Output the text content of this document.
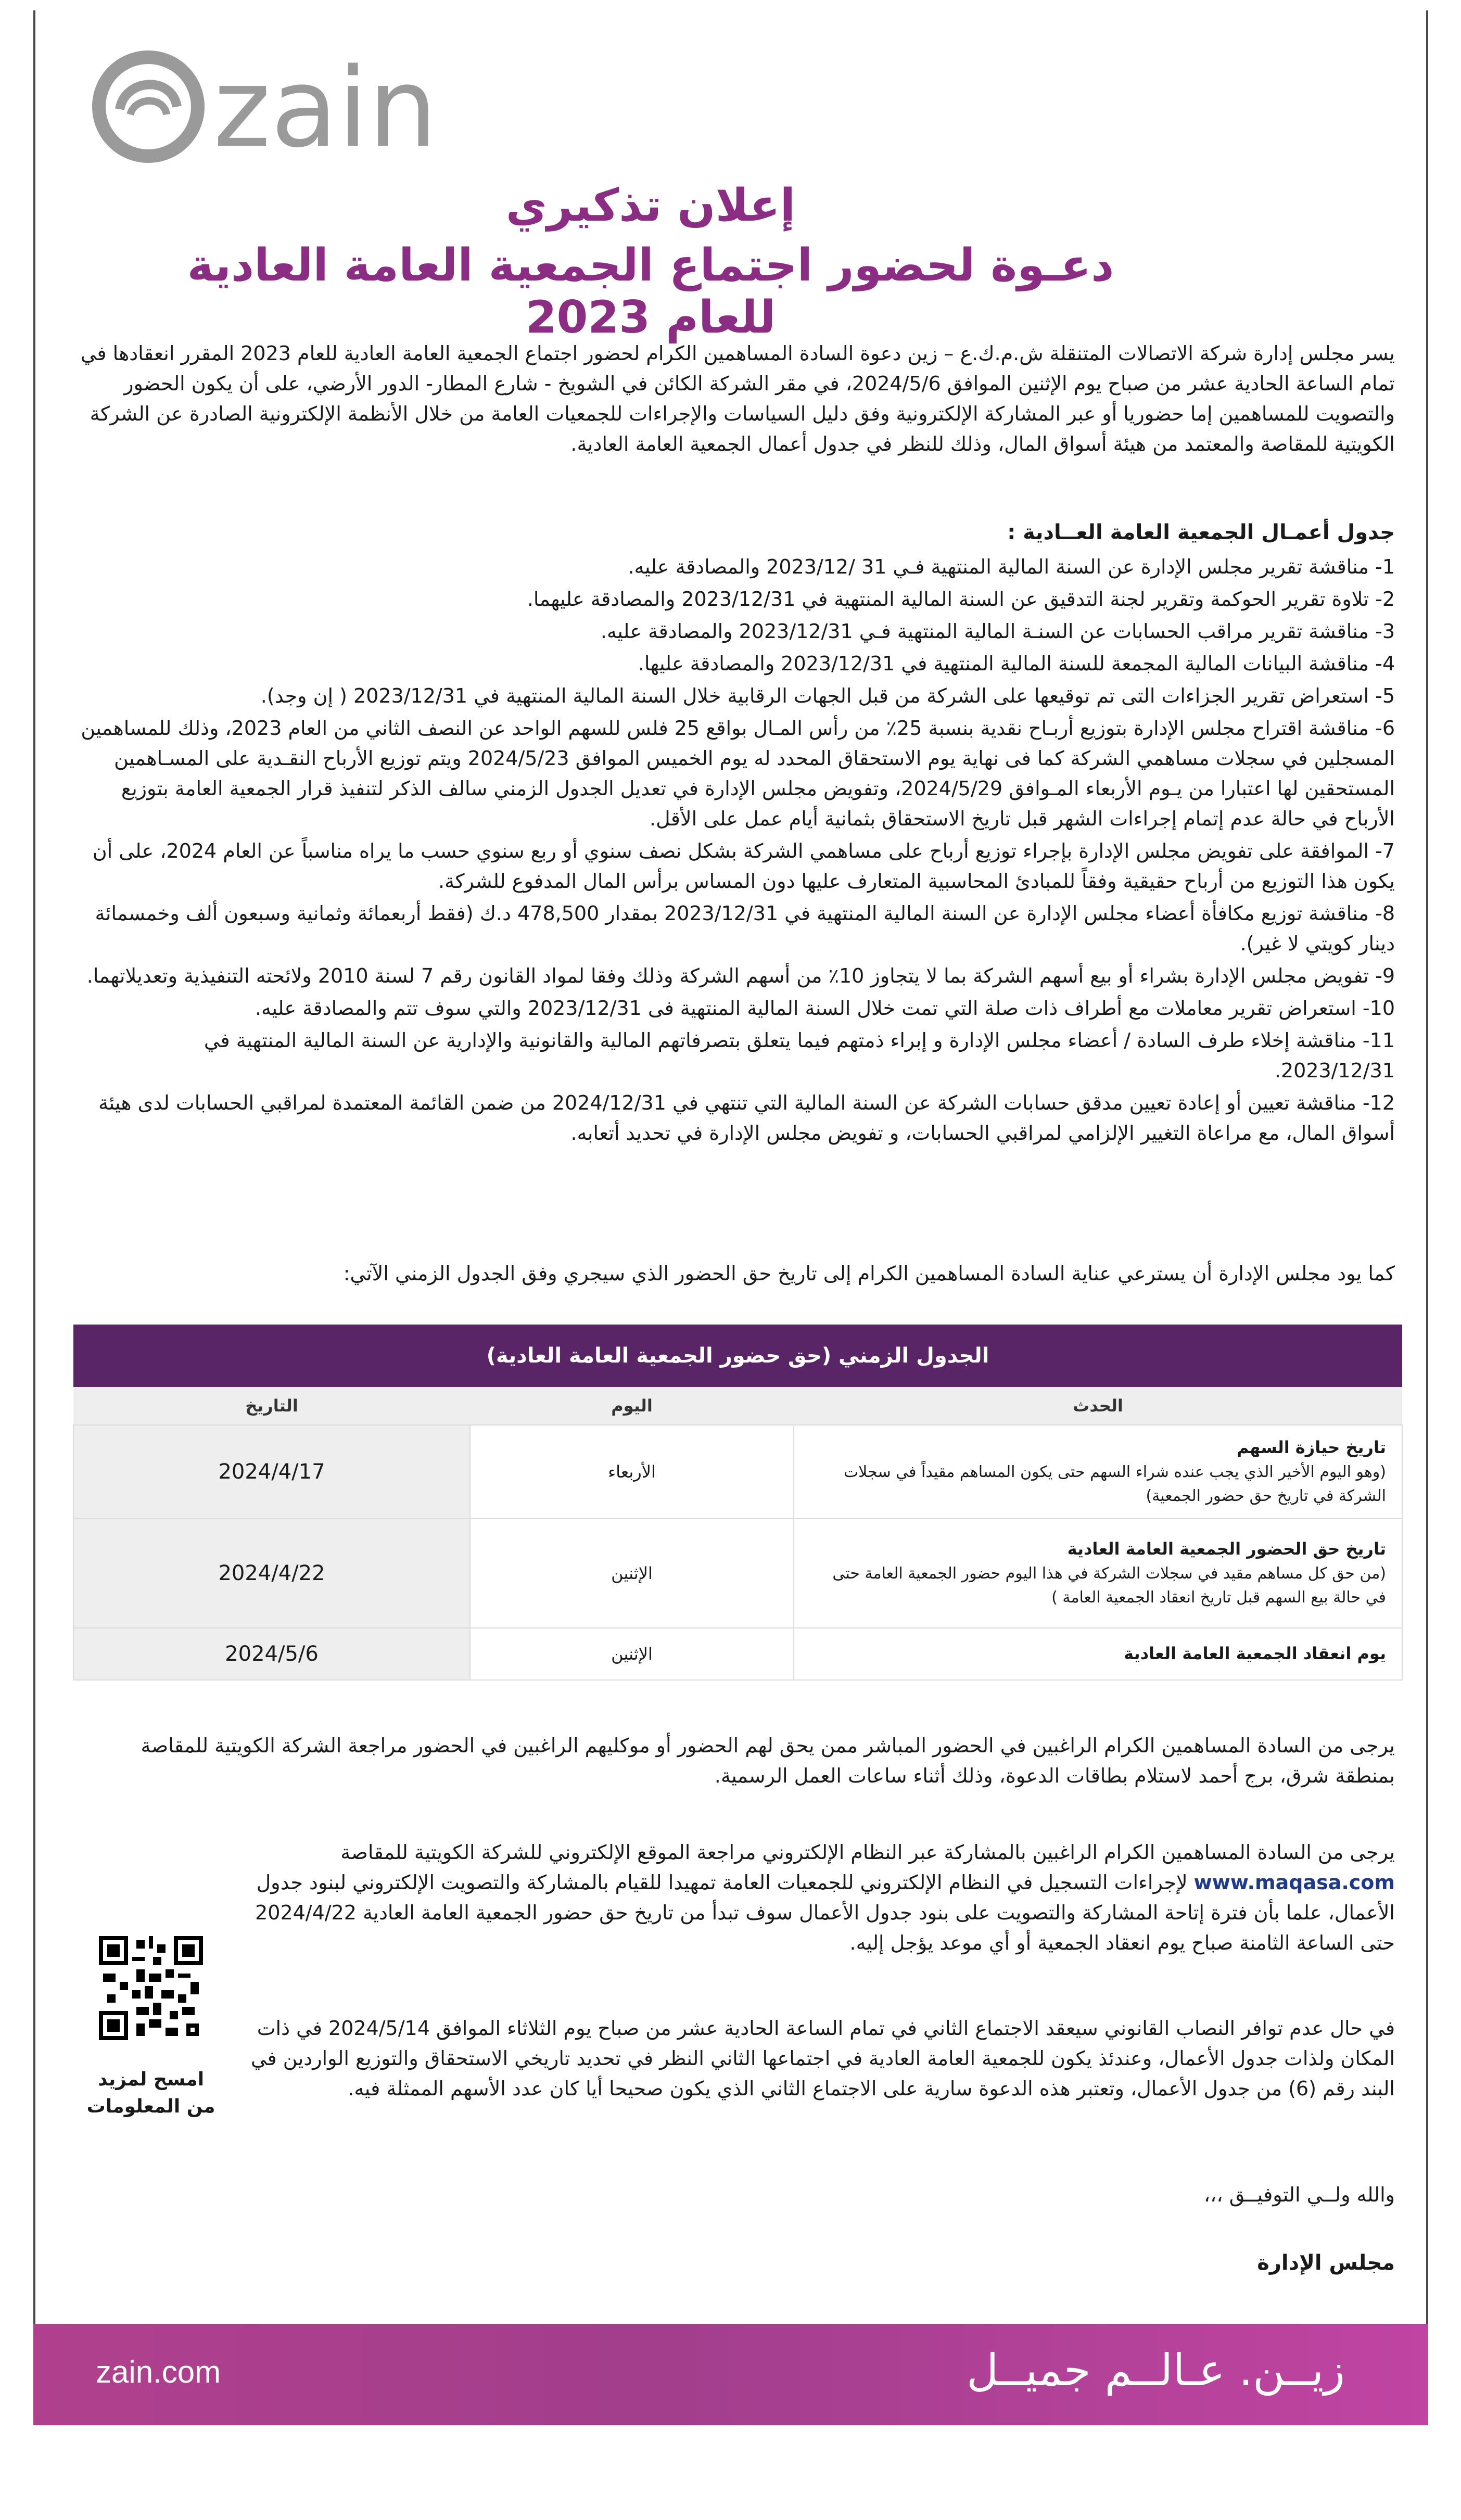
zain
إعلان تذكيري
دعـوة لحضور اجتماع الجمعية العامة العادية للعام 2023
يسر مجلس إدارة شركة الاتصالات المتنقلة ش.م.ك.ع – زين دعوة السادة المساهمين الكرام لحضور اجتماع الجمعية العامة العادية للعام 2023 المقرر انعقادها في تمام الساعة الحادية عشر من صباح يوم الإثنين الموافق 2024/5/6، في مقر الشركة الكائن في الشويخ - شارع المطار- الدور الأرضي، على أن يكون الحضور والتصويت للمساهمين إما حضوريا أو عبر المشاركة الإلكترونية وفق دليل السياسات والإجراءات للجمعيات العامة من خلال الأنظمة الإلكترونية الصادرة عن الشركة الكويتية للمقاصة والمعتمد من هيئة أسواق المال، وذلك للنظر في جدول أعمال الجمعية العامة العادية.
جدول أعمـال الجمعية العامة العــادية :
1- مناقشة تقرير مجلس الإدارة عن السنة المالية المنتهية فـي 31 /2023/12 والمصادقة عليه.
2- تلاوة تقرير الحوكمة وتقرير لجنة التدقيق عن السنة المالية المنتهية في 2023/12/31 والمصادقة عليهما.
3- مناقشة تقرير مراقب الحسابات عن السنـة المالية المنتهية فـي 2023/12/31 والمصادقة عليه.
4- مناقشة البيانات المالية المجمعة للسنة المالية المنتهية في 2023/12/31 والمصادقة عليها.
5- استعراض تقرير الجزاءات التى تم توقيعها على الشركة من قبل الجهات الرقابية خلال السنة المالية المنتهية في 2023/12/31 ( إن وجد).
6- مناقشة اقتراح مجلس الإدارة بتوزيع أربـاح نقدية بنسبة 25٪ من رأس المـال بواقع 25 فلس للسهم الواحد عن النصف الثاني من العام 2023، وذلك للمساهمين المسجلين في سجلات مساهمي الشركة كما فى نهاية يوم الاستحقاق المحدد له يوم الخميس الموافق 2024/5/23 ويتم توزيع الأرباح النقـدية على المسـاهمين المستحقين لها اعتبارا من يـوم الأربعاء المـوافق 2024/5/29، وتفويض مجلس الإدارة في تعديل الجدول الزمني سالف الذكر لتنفيذ قرار الجمعية العامة بتوزيع الأرباح في حالة عدم إتمام إجراءات الشهر قبل تاريخ الاستحقاق بثمانية أيام عمل على الأقل.
7- الموافقة على تفويض مجلس الإدارة بإجراء توزيع أرباح على مساهمي الشركة بشكل نصف سنوي أو ربع سنوي حسب ما يراه مناسباً عن العام 2024، على أن يكون هذا التوزيع من أرباح حقيقية وفقاً للمبادئ المحاسبية المتعارف عليها دون المساس برأس المال المدفوع للشركة.
8- مناقشة توزيع مكافأة أعضاء مجلس الإدارة عن السنة المالية المنتهية في 2023/12/31 بمقدار 478,500 د.ك (فقط أربعمائة وثمانية وسبعون ألف وخمسمائة دينار كويتي لا غير).
9- تفويض مجلس الإدارة بشراء أو بيع أسهم الشركة بما لا يتجاوز 10٪ من أسهم الشركة وذلك وفقا لمواد القانون رقم 7 لسنة 2010 ولائحته التنفيذية وتعديلاتهما.
10- استعراض تقرير معاملات مع أطراف ذات صلة التي تمت خلال السنة المالية المنتهية فى 2023/12/31 والتي سوف تتم والمصادقة عليه.
11- مناقشة إخلاء طرف السادة / أعضاء مجلس الإدارة و إبراء ذمتهم فيما يتعلق بتصرفاتهم المالية والقانونية والإدارية عن السنة المالية المنتهية في 2023/12/31.
12- مناقشة تعيين أو إعادة تعيين مدقق حسابات الشركة عن السنة المالية التي تنتهي في 2024/12/31 من ضمن القائمة المعتمدة لمراقبي الحسابات لدى هيئة أسواق المال، مع مراعاة التغيير الإلزامي لمراقبي الحسابات، و تفويض مجلس الإدارة في تحديد أتعابه.
كما يود مجلس الإدارة أن يسترعي عناية السادة المساهمين الكرام إلى تاريخ حق الحضور الذي سيجري وفق الجدول الزمني الآتي:
الجدول الزمني (حق حضور الجمعية العامة العادية)		
الحدث	اليوم	التاريخ
تاريخ حيازة السهم
(وهو اليوم الأخير الذي يجب عنده شراء السهم حتى يكون المساهم مقيداً في سجلات الشركة في تاريخ حق حضور الجمعية)	الأربعاء	2024/4/17
تاريخ حق الحضور الجمعية العامة العادية
(من حق كل مساهم مقيد في سجلات الشركة في هذا اليوم حضور الجمعية العامة حتى في حالة بيع السهم قبل تاريخ انعقاد الجمعية العامة )	الإثنين	2024/4/22
يوم انعقاد الجمعية العامة العادية	الإثنين	2024/5/6
يرجى من السادة المساهمين الكرام الراغبين في الحضور المباشر ممن يحق لهم الحضور أو موكليهم الراغبين في الحضور مراجعة الشركة الكويتية للمقاصة بمنطقة شرق، برج أحمد لاستلام بطاقات الدعوة، وذلك أثناء ساعات العمل الرسمية.
يرجى من السادة المساهمين الكرام الراغبين بالمشاركة عبر النظام الإلكتروني مراجعة الموقع الإلكتروني للشركة الكويتية للمقاصة www.maqasa.com لإجراءات التسجيل في النظام الإلكتروني للجمعيات العامة تمهيدا للقيام بالمشاركة والتصويت الإلكتروني لبنود جدول الأعمال، علما بأن فترة إتاحة المشاركة والتصويت على بنود جدول الأعمال سوف تبدأ من تاريخ حق حضور الجمعية العامة العادية 2024/4/22 حتى الساعة الثامنة صباح يوم انعقاد الجمعية أو أي موعد يؤجل إليه.
في حال عدم توافر النصاب القانوني سيعقد الاجتماع الثاني في تمام الساعة الحادية عشر من صباح يوم الثلاثاء الموافق 2024/5/14 في ذات المكان ولذات جدول الأعمال، وعندئذ يكون للجمعية العامة العادية في اجتماعها الثاني النظر في تحديد تاريخي الاستحقاق والتوزيع الواردين في البند رقم (6) من جدول الأعمال، وتعتبر هذه الدعوة سارية على الاجتماع الثاني الذي يكون صحيحا أيا كان عدد الأسهم الممثلة فيه.
امسح لمزيد
من المعلومات
والله ولــي التوفيــق ،،،
مجلس الإدارة
zain.com	زيــن. عـالــم جميــل
